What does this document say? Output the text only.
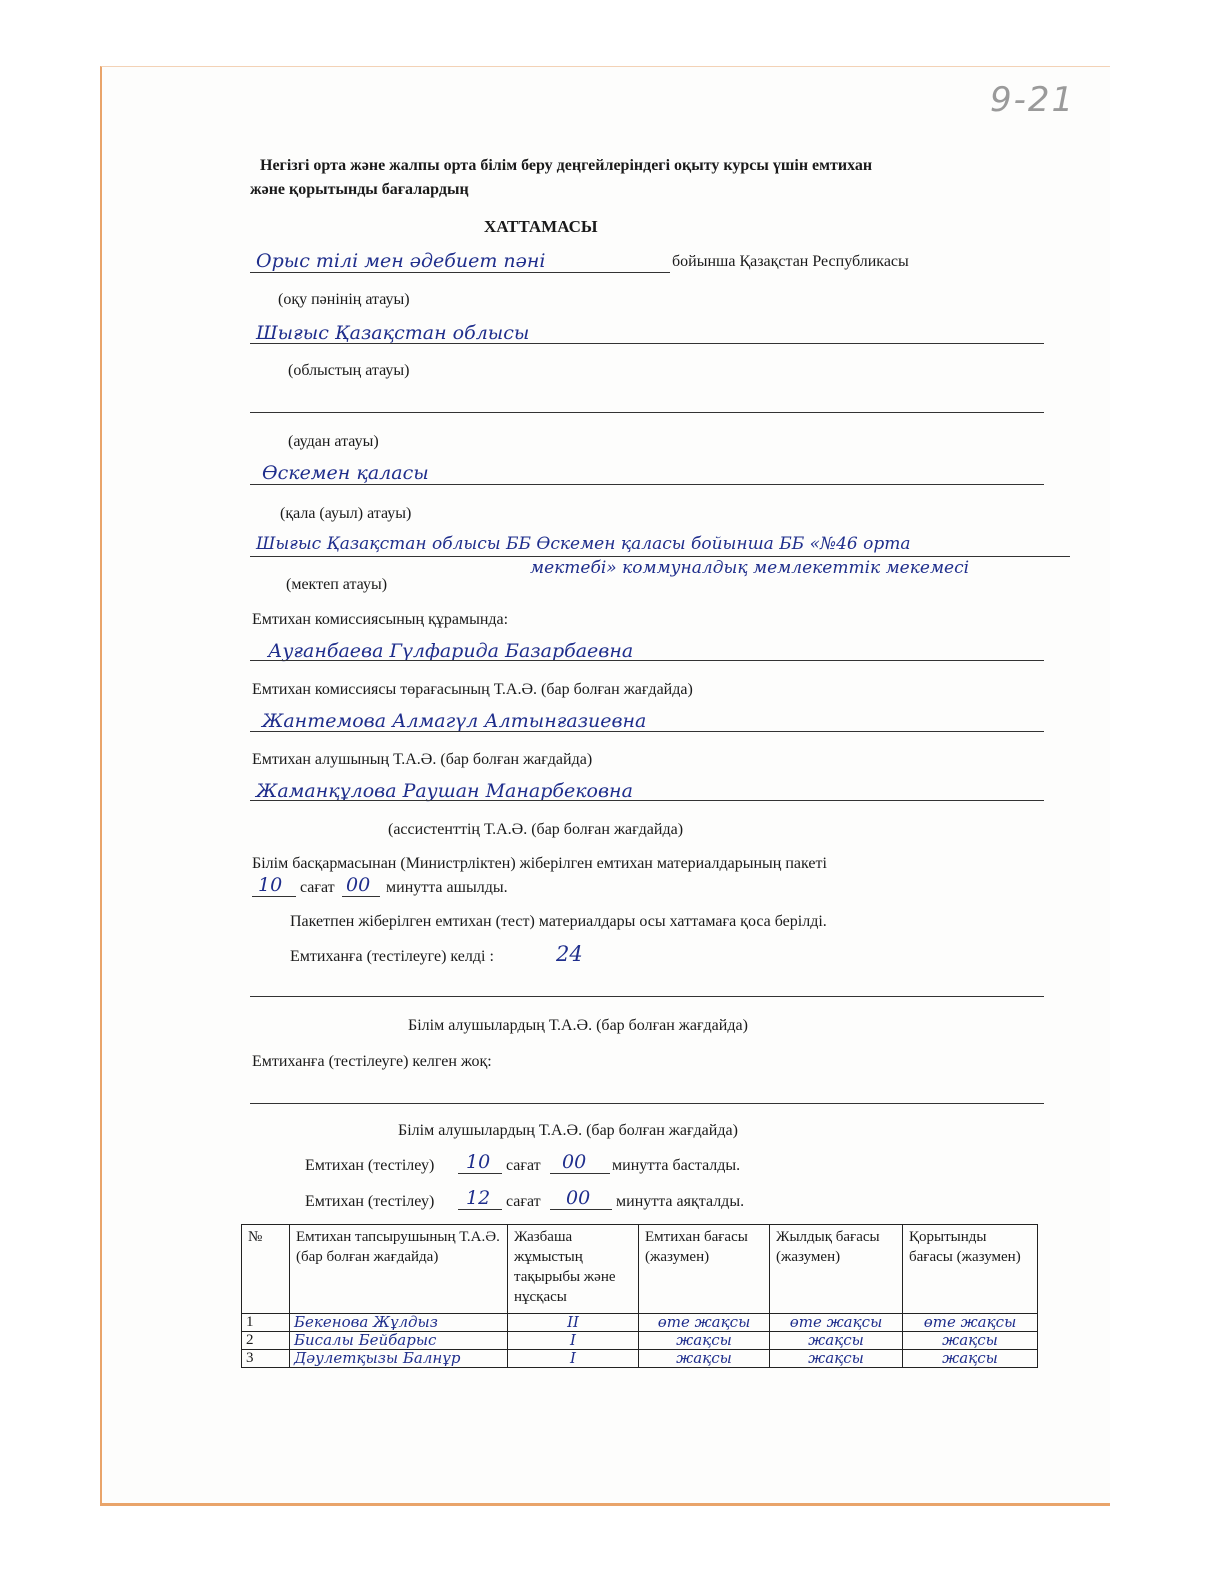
9-21
Негізгі орта және жалпы орта білім беру деңгейлеріндегі оқыту курсы үшін емтихан
және қорытынды бағалардың
ХАТТАМАСЫ
Орыс тілі мен әдебиет пәні	бойынша Қазақстан Республикасы
(оқу пәнінің атауы)
Шығыс Қазақстан облысы
(облыстың атауы)
(аудан атауы)
Өскемен қаласы
(қала (ауыл) атауы)
Шығыс Қазақстан облысы ББ Өскемен қаласы бойынша ББ «№46 орта
мектебі» коммуналдық мемлекеттік мекемесі
(мектеп атауы)
Емтихан комиссиясының құрамында:
Ауғанбаева Гүлфарида Базарбаевна
Емтихан комиссиясы төрағасының Т.А.Ә. (бар болған жағдайда)
Жантемова Алмагүл Алтынғазиевна
Емтихан алушының Т.А.Ә. (бар болған жағдайда)
Жаманқұлова Раушан Манарбековна
(ассистенттің Т.А.Ә. (бар болған жағдайда)
Білім басқармасынан (Министрліктен) жіберілген емтихан материалдарының пакеті
10 сағат 00 минутта ашылды.
Пакетпен жіберілген емтихан (тест) материалдары осы хаттамаға қоса берілді.
Емтиханға (тестілеуге) келді :	24
Білім алушылардың Т.А.Ә. (бар болған жағдайда)
Емтиханға (тестілеуге) келген жоқ:
Білім алушылардың Т.А.Ә. (бар болған жағдайда)
Емтихан (тестілеу) 10 сағат 00 минутта басталды.
Емтихан (тестілеу) 12 сағат 00 минутта аяқталды.
№	Емтихан тапсырушының Т.А.Ә. (бар болған жағдайда)	Жазбаша жұмыстың тақырыбы және нұсқасы	Емтихан бағасы (жазумен)	Жылдық бағасы (жазумен)	Қорытынды бағасы (жазумен)
1	Бекенова Жұлдыз	II	өте жақсы	өте жақсы	өте жақсы
2	Бисалы Бейбарыс	I	жақсы	жақсы	жақсы
3	Дәулетқызы Балнұр	I	жақсы	жақсы	жақсы
